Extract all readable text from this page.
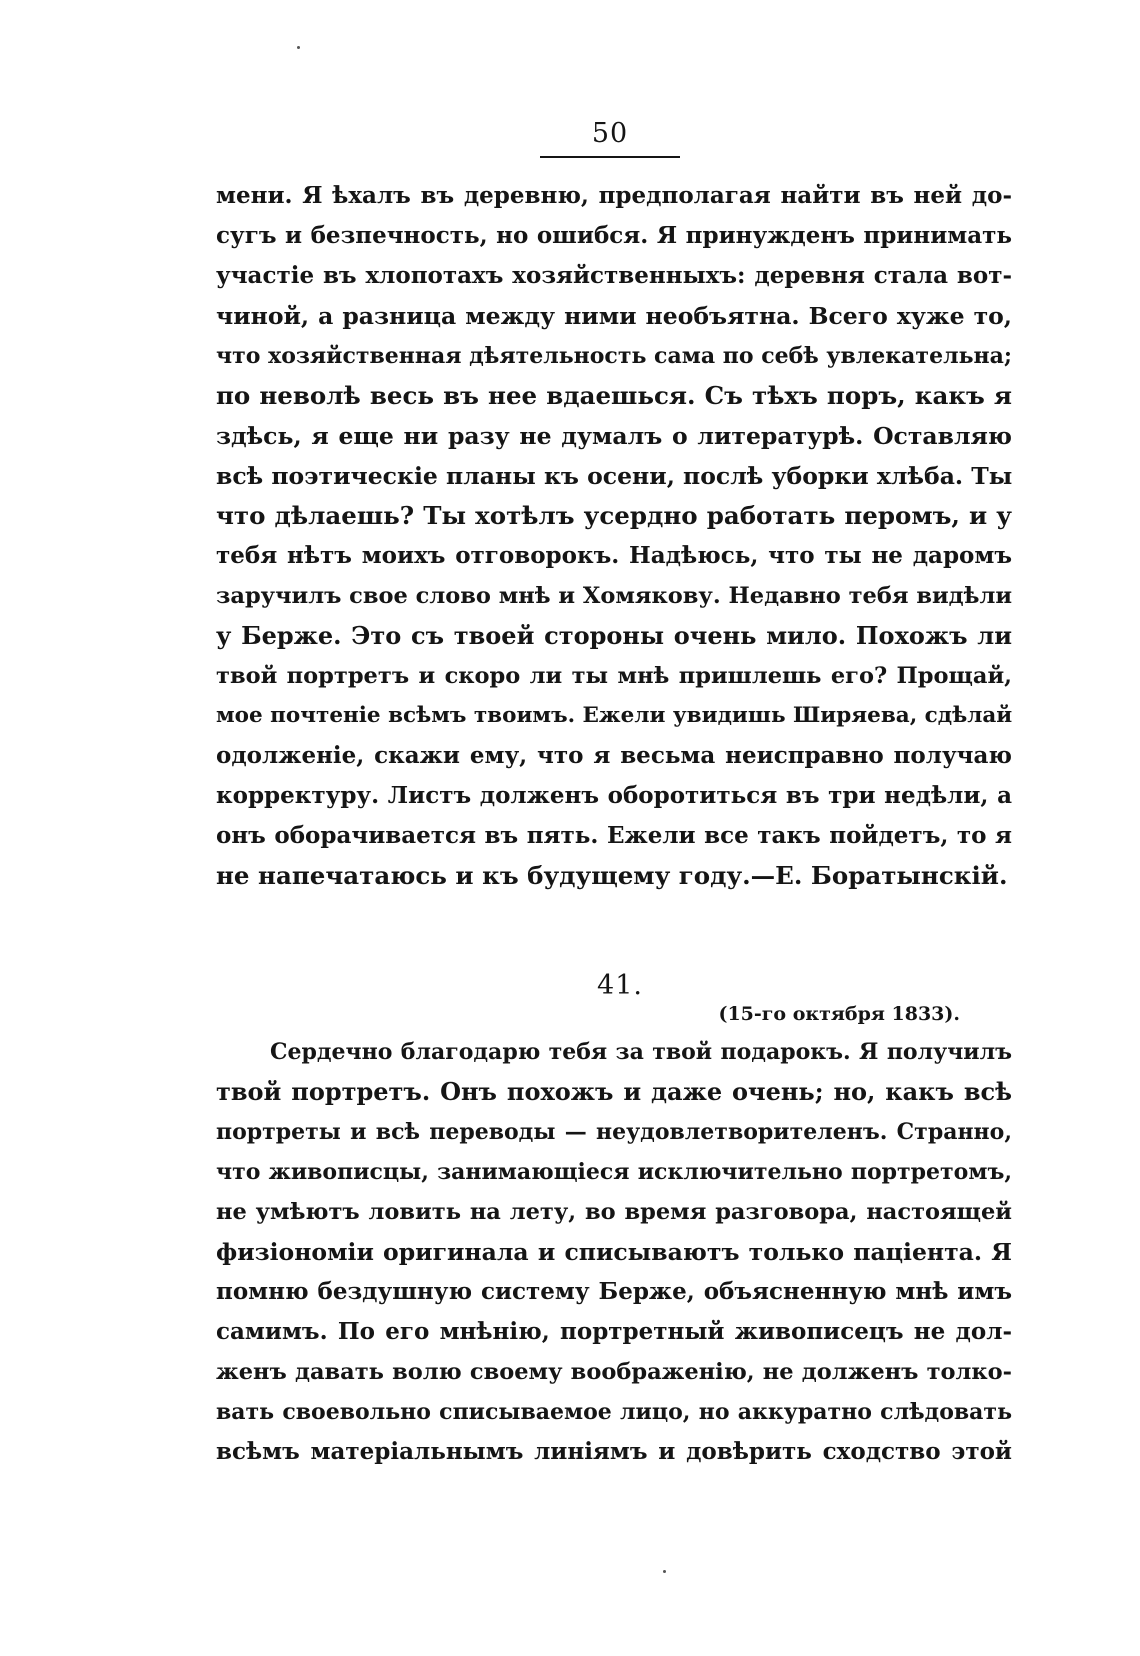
50
мени. Я ѣхалъ въ деревню, предполагая найти въ ней до-
сугъ и безпечность, но ошибся. Я принужденъ принимать
участіе въ хлопотахъ хозяйственныхъ: деревня стала вот-
чиной, а разница между ними необъятна. Всего хуже то,
что хозяйственная дѣятельность сама по себѣ увлекательна;
по неволѣ весь въ нее вдаешься. Съ тѣхъ поръ, какъ я
здѣсь, я еще ни разу не думалъ о литературѣ. Оставляю
всѣ поэтическіе планы къ осени, послѣ уборки хлѣба. Ты
что дѣлаешь? Ты хотѣлъ усердно работать перомъ, и у
тебя нѣтъ моихъ отговорокъ. Надѣюсь, что ты не даромъ
заручилъ свое слово мнѣ и Хомякову. Недавно тебя видѣли
у Берже. Это съ твоей стороны очень мило. Похожъ ли
твой портретъ и скоро ли ты мнѣ пришлешь его? Прощай,
мое почтеніе всѣмъ твоимъ. Ежели увидишь Ширяева, сдѣлай
одолженіе, скажи ему, что я весьма неисправно получаю
корректуру. Листъ долженъ оборотиться въ три недѣли, а
онъ оборачивается въ пять. Ежели все такъ пойдетъ, то я
не напечатаюсь и къ будущему году.—Е. Боратынскій.
41.
(15-го октября 1833).
Сердечно благодарю тебя за твой подарокъ. Я получилъ
твой портретъ. Онъ похожъ и даже очень; но, какъ всѣ
портреты и всѣ переводы — неудовлетворителенъ. Странно,
что живописцы, занимающіеся исключительно портретомъ,
не умѣютъ ловить на лету, во время разговора, настоящей
физіономіи оригинала и списываютъ только паціента. Я
помню бездушную систему Берже, объясненную мнѣ имъ
самимъ. По его мнѣнію, портретный живописецъ не дол-
женъ давать волю своему воображенію, не долженъ толко-
вать своевольно списываемое лицо, но аккуратно слѣдовать
всѣмъ матеріальнымъ линіямъ и довѣрить сходство этой
